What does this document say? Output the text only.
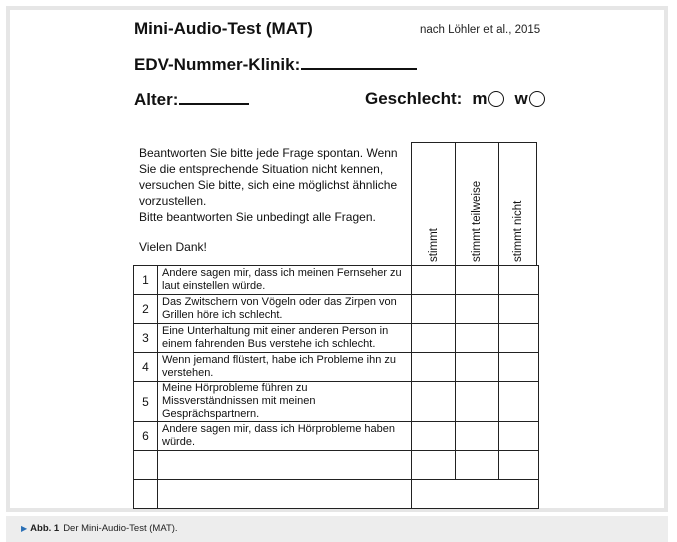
Mini-Audio-Test (MAT)	nach Löhler et al., 2015
EDV-Nummer-Klinik:
Alter:	Geschlecht: m w

Beantworten Sie bitte jede Frage spontan. Wenn Sie die entsprechende Situation nicht kennen, versuchen Sie bitte, sich eine möglichst ähnliche vorzustellen.

Bitte beantworten Sie unbedingt alle Fragen.

Vielen Dank!	stimmt	stimmt teilweise	stimmt nicht
1	Andere sagen mir, dass ich meinen Fernseher zu laut einstellen würde.			
2	Das Zwitschern von Vögeln oder das Zirpen von Grillen höre ich schlecht.			
3	Eine Unterhaltung mit einer anderen Person in einem fahrenden Bus verstehe ich schlecht.			
4	Wenn jemand flüstert, habe ich Probleme ihn zu verstehen.			
5	Meine Hörprobleme führen zu Missverständnissen mit meinen Gesprächspartnern.			
6	Andere sagen mir, dass ich Hörprobleme haben würde.			

▶ Abb. 1 Der Mini-Audio-Test (MAT).
